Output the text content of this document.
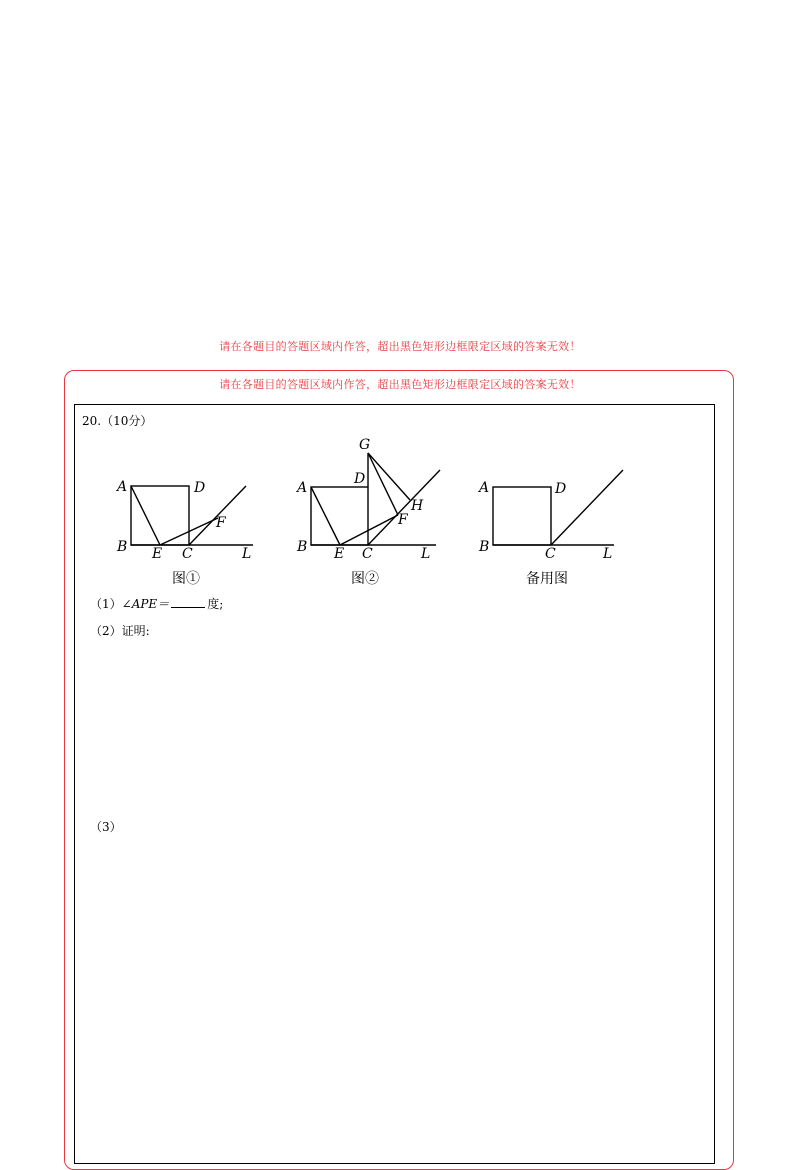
请在各题目的答题区域内作答，超出黑色矩形边框限定区域的答案无效！
请在各题目的答题区域内作答，超出黑色矩形边框限定区域的答案无效！
20.（10分）
A	D
B E C
F
L
图①
G
A
D
H
F
B E C	L
图②
A	D
B	C	L
备用图
（1）∠APE＝	度;
（2）证明:
（3）
